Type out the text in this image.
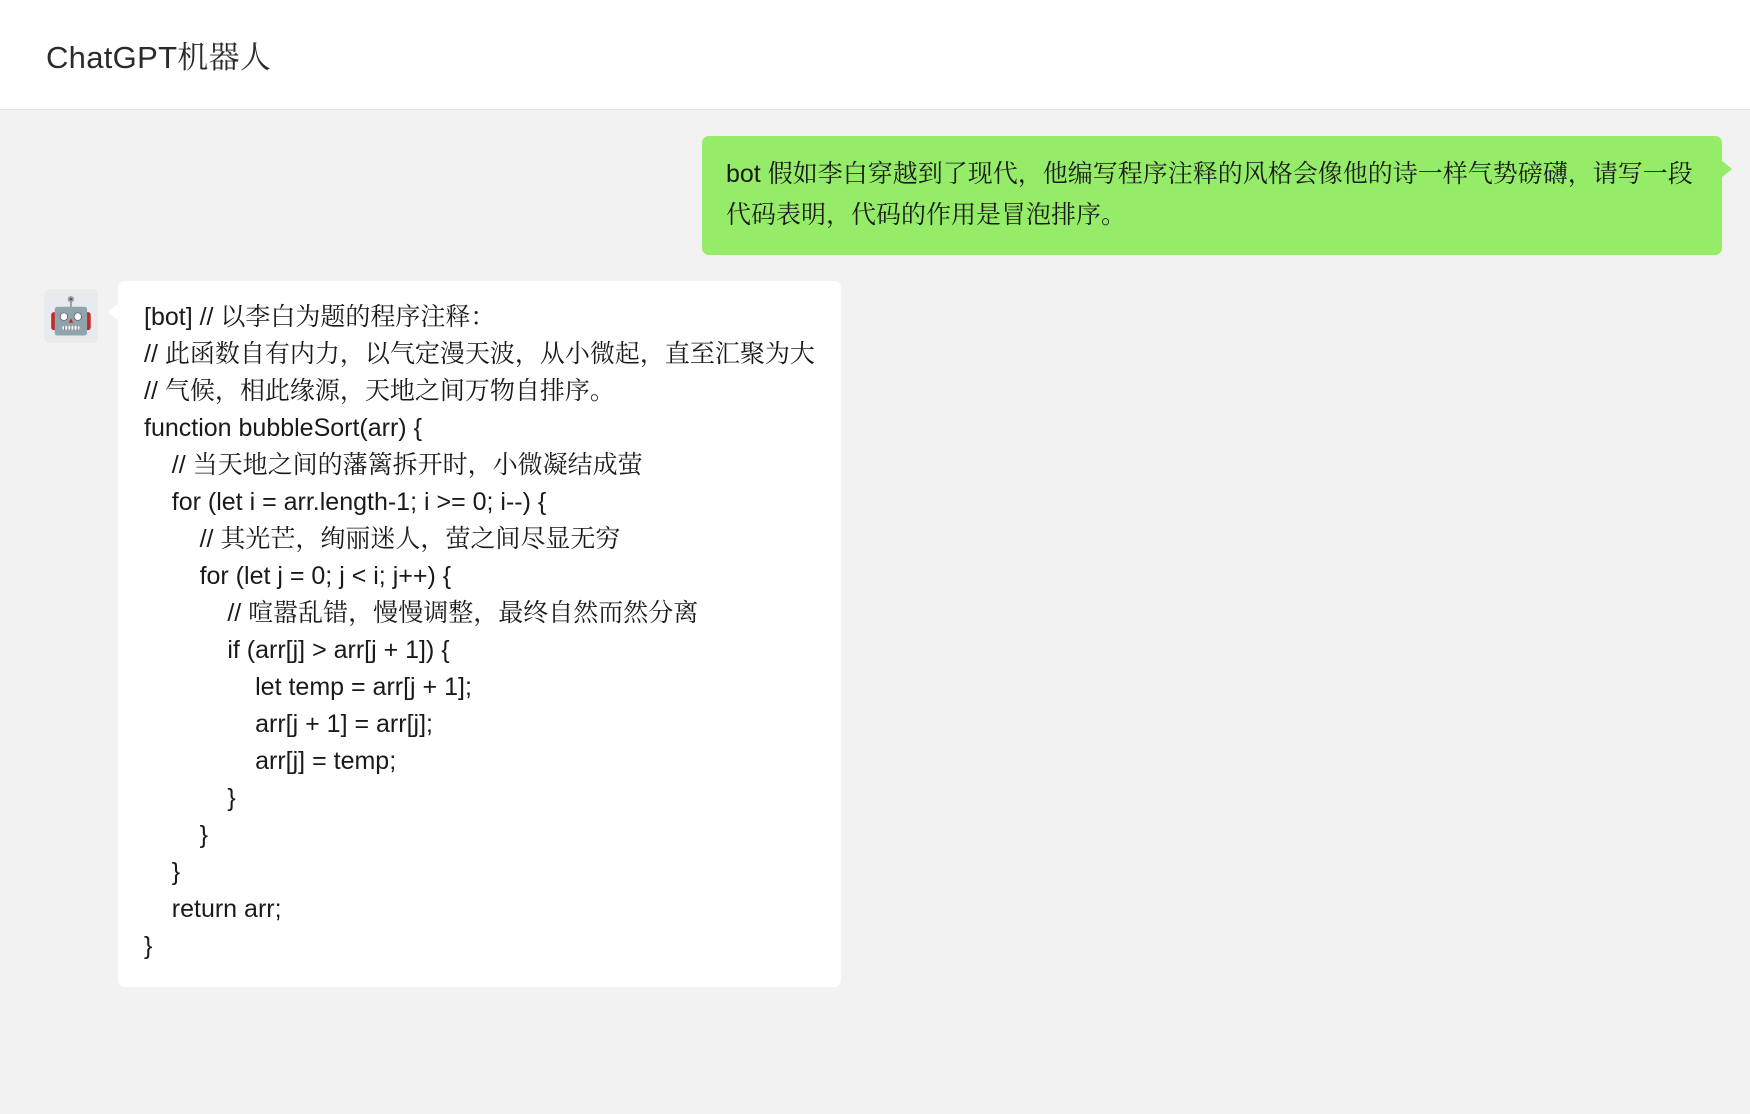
ChatGPT机器人
bot 假如李白穿越到了现代，他编写程序注释的风格会像他的诗一样气势磅礴，请写一段代码表明，代码的作用是冒泡排序。
🤖 [bot] // 以李白为题的程序注释：
// 此函数自有内力，以气定漫天波，从小微起，直至汇聚为大
// 气候，相此缘源，天地之间万物自排序。
function bubbleSort(arr) {
// 当天地之间的藩篱拆开时，小微凝结成萤
for (let i = arr.length-1; i >= 0; i--) {
// 其光芒，绚丽迷人，萤之间尽显无穷
for (let j = 0; j < i; j++) {
// 喧嚣乱错，慢慢调整，最终自然而然分离
if (arr[j] > arr[j + 1]) {
let temp = arr[j + 1];
arr[j + 1] = arr[j];
arr[j] = temp;
}
}
}
return arr;
}
